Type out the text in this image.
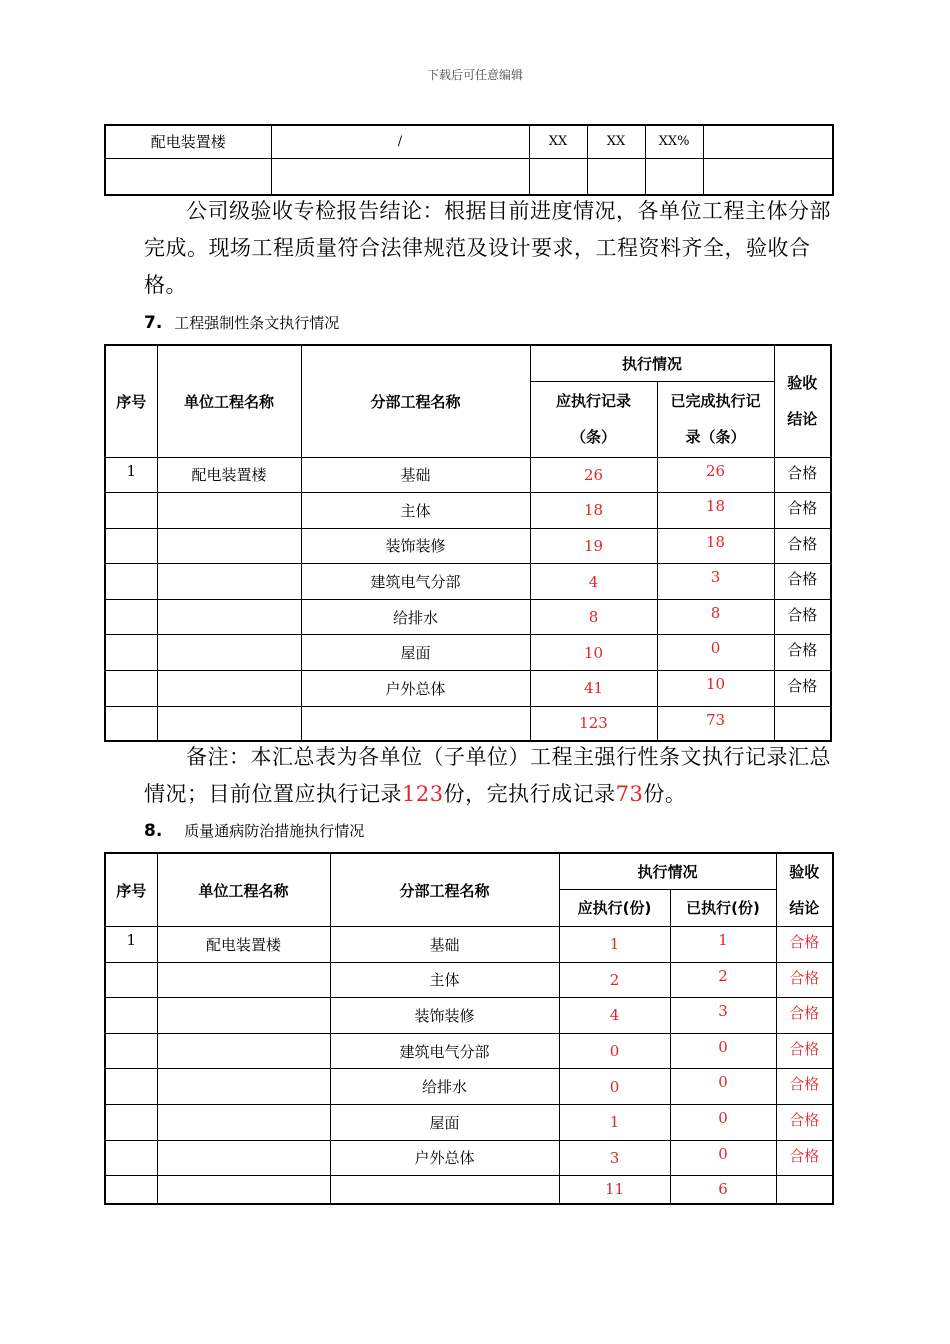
下载后可任意编辑
配电装置楼	/	XX	XX	XX%	

公司级验收专检报告结论：根据目前进度情况，各单位工程主体分部完成。现场工程质量符合法律规范及设计要求，工程资料齐全，验收合格。
7. 工程强制性条文执行情况
序号	单位工程名称	分部工程名称	执行情况		验收
结论
			应执行记录（条）	已完成执行记录（条）	
1	配电装置楼	基础	26	26	合格
		主体	18	18	合格
		装饰装修	19	18	合格
		建筑电气分部	4	3	合格
		给排水	8	8	合格
		屋面	10	0	合格
		户外总体	41	10	合格
			123	73	
备注：本汇总表为各单位（子单位）工程主强行性条文执行记录汇总情况；目前位置应执行记录123份，完执行成记录73份。
8. 质量通病防治措施执行情况
序号	单位工程名称	分部工程名称	执行情况		验收
结论
			应执行(份)	已执行(份)	
1	配电装置楼	基础	1	1	合格
		主体	2	2	合格
		装饰装修	4	3	合格
		建筑电气分部	0	0	合格
		给排水	0	0	合格
		屋面	1	0	合格
		户外总体	3	0	合格
			11	6	
